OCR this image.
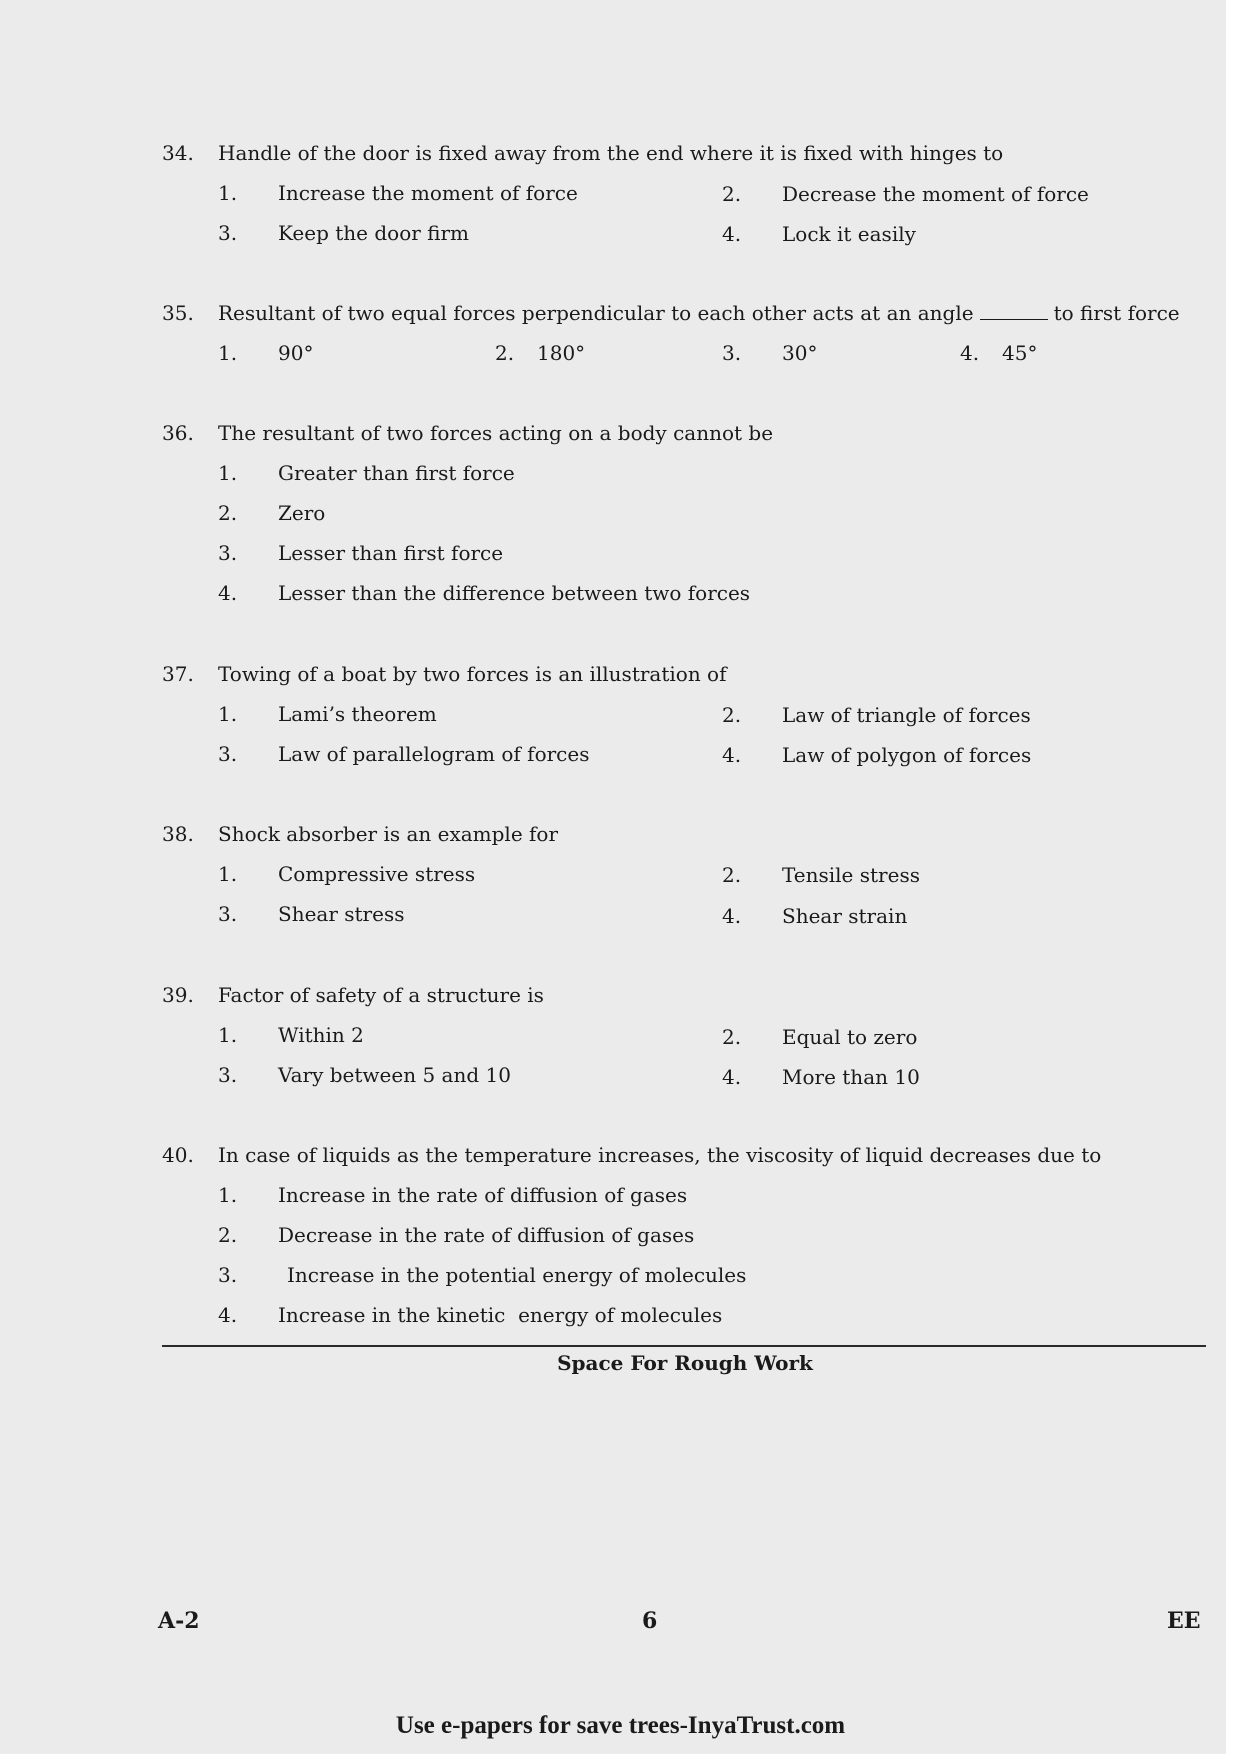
34. Handle of the door is fixed away from the end where it is fixed with hinges to
1. Increase the moment of force	2. Decrease the moment of force
3. Keep the door firm	4. Lock it easily
35. Resultant of two equal forces perpendicular to each other acts at an angle	to first force
1. 90°	2. 180°	3. 30°	4. 45°
36. The resultant of two forces acting on a body cannot be
1. Greater than first force
2. Zero
3. Lesser than first force
4. Lesser than the difference between two forces
37. Towing of a boat by two forces is an illustration of
1. Lami’s theorem	2. Law of triangle of forces
3. Law of parallelogram of forces	4. Law of polygon of forces
38. Shock absorber is an example for
1. Compressive stress	2. Tensile stress
3. Shear stress	4. Shear strain
39. Factor of safety of a structure is
1. Within 2	2. Equal to zero
3. Vary between 5 and 10	4. More than 10
40. In case of liquids as the temperature increases, the viscosity of liquid decreases due to
1. Increase in the rate of diffusion of gases
2. Decrease in the rate of diffusion of gases
3. Increase in the potential energy of molecules
4. Increase in the kinetic  energy of molecules
Space For Rough Work
A-2	6	EE
Use e-papers for save trees-InyaTrust.com
